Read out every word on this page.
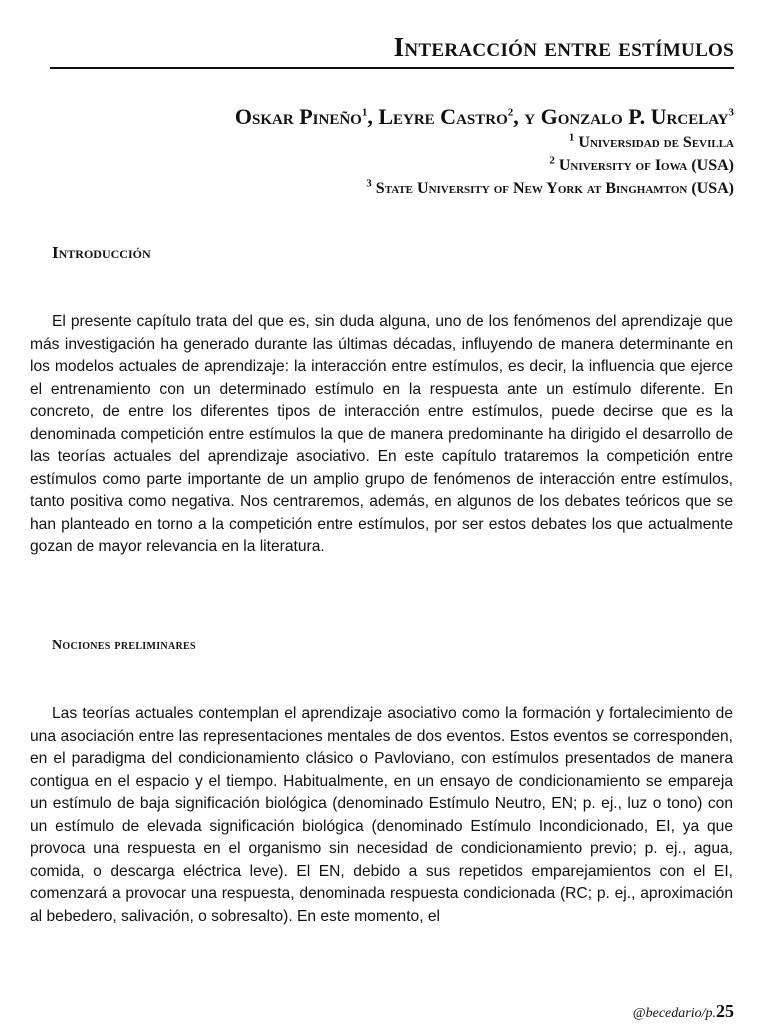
Interacción entre estímulos
Oskar Pineño$^1$, Leyre Castro$^2$, y Gonzalo P. Urcelay$^3$
$^1$ Universidad de Sevilla
$^2$ University of Iowa (USA)
$^3$ State University of New York at Binghamton (USA)
Introducción

El presente capítulo trata del que es, sin duda alguna, uno de los fenómenos del aprendizaje que más investigación ha generado durante las últimas décadas, influyendo de manera determinante en los modelos actuales de aprendizaje: la interacción entre estímulos, es decir, la influencia que ejerce el entrenamiento con un determinado estímulo en la respuesta ante un estímulo diferente. En concreto, de entre los diferentes tipos de interacción entre estímulos, puede decirse que es la denominada competición entre estímulos la que de manera predominante ha dirigido el desarrollo de las teorías actuales del aprendizaje asociativo. En este capítulo trataremos la competición entre estímulos como parte importante de un amplio grupo de fenómenos de interacción entre estímulos, tanto positiva como negativa. Nos centraremos, además, en algunos de los debates teóricos que se han planteado en torno a la competición entre estímulos, por ser estos debates los que actualmente gozan de mayor relevancia en la literatura.

Nociones preliminares

Las teorías actuales contemplan el aprendizaje asociativo como la formación y fortalecimiento de una asociación entre las representaciones mentales de dos eventos. Estos eventos se corresponden, en el paradigma del condicionamiento clásico o Pavloviano, con estímulos presentados de manera contigua en el espacio y el tiempo. Habitualmente, en un ensayo de condicionamiento se empareja un estímulo de baja significación biológica (denominado Estímulo Neutro, EN; p. ej., luz o tono) con un estímulo de elevada significación biológica (denominado Estímulo Incondicionado, EI, ya que provoca una respuesta en el organismo sin necesidad de condicionamiento previo; p. ej., agua, comida, o descarga eléctrica leve). El EN, debido a sus repetidos emparejamientos con el EI, comenzará a provocar una respuesta, denominada respuesta condicionada (RC; p. ej., aproximación al bebedero, salivación, o sobresalto). En este momento, el

@becedario/p.25
